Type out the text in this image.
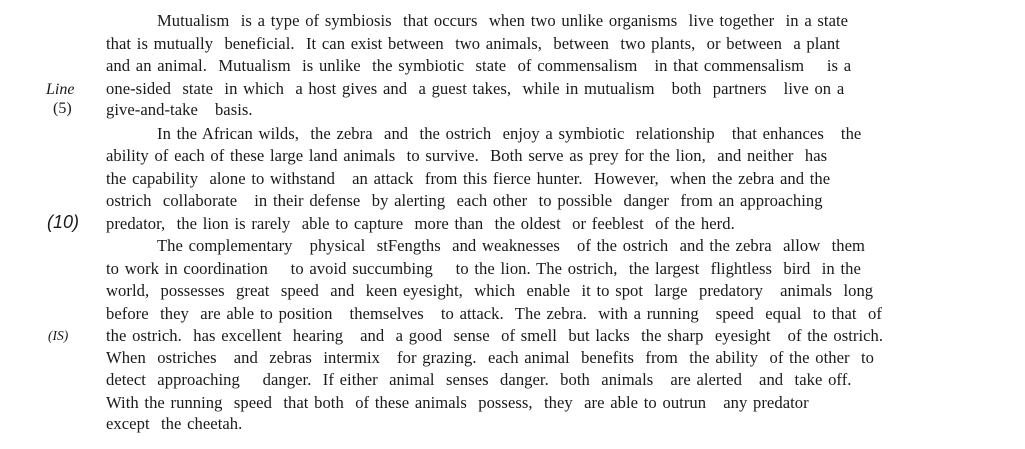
Line
(5)
(10)
(IS)
Mutualism  is a type of symbiosis  that occurs  when two unlike organisms  live together  in a state
that is mutually  beneficial.  It can exist between  two animals,  between  two plants,  or between  a plant
and an animal.  Mutualism  is unlike  the symbiotic  state  of commensalism   in that commensalism    is a
one-sided  state  in which  a host gives and  a guest takes,  while in mutualism   both  partners   live on a
give-and-take   basis.
In the African wilds,  the zebra  and  the ostrich  enjoy a symbiotic  relationship   that enhances   the
ability of each of these large land animals  to survive.  Both serve as prey for the lion,  and neither  has
the capability  alone to withstand   an attack  from this fierce hunter.  However,  when the zebra and the
ostrich  collaborate   in their defense  by alerting  each other  to possible  danger  from an approaching
predator,  the lion is rarely  able to capture  more than  the oldest  or feeblest  of the herd.
The complementary   physical  stFengths  and weaknesses   of the ostrich  and the zebra  allow  them
to work in coordination    to avoid succumbing    to the lion. The ostrich,  the largest  flightless  bird  in the
world,  possesses  great  speed  and  keen eyesight,  which  enable  it to spot  large  predatory   animals  long
before  they  are able to position   themselves   to attack.  The zebra.  with a running   speed  equal  to that  of
the ostrich.  has excellent  hearing   and  a good  sense  of smell  but lacks  the sharp  eyesight   of the ostrich.
When  ostriches   and  zebras  intermix   for grazing.  each animal  benefits  from  the ability  of the other  to
detect  approaching    danger.  If either  animal  senses  danger.  both  animals   are alerted   and  take off.
With the running  speed  that both  of these animals  possess,  they  are able to outrun   any predator
except  the cheetah.
